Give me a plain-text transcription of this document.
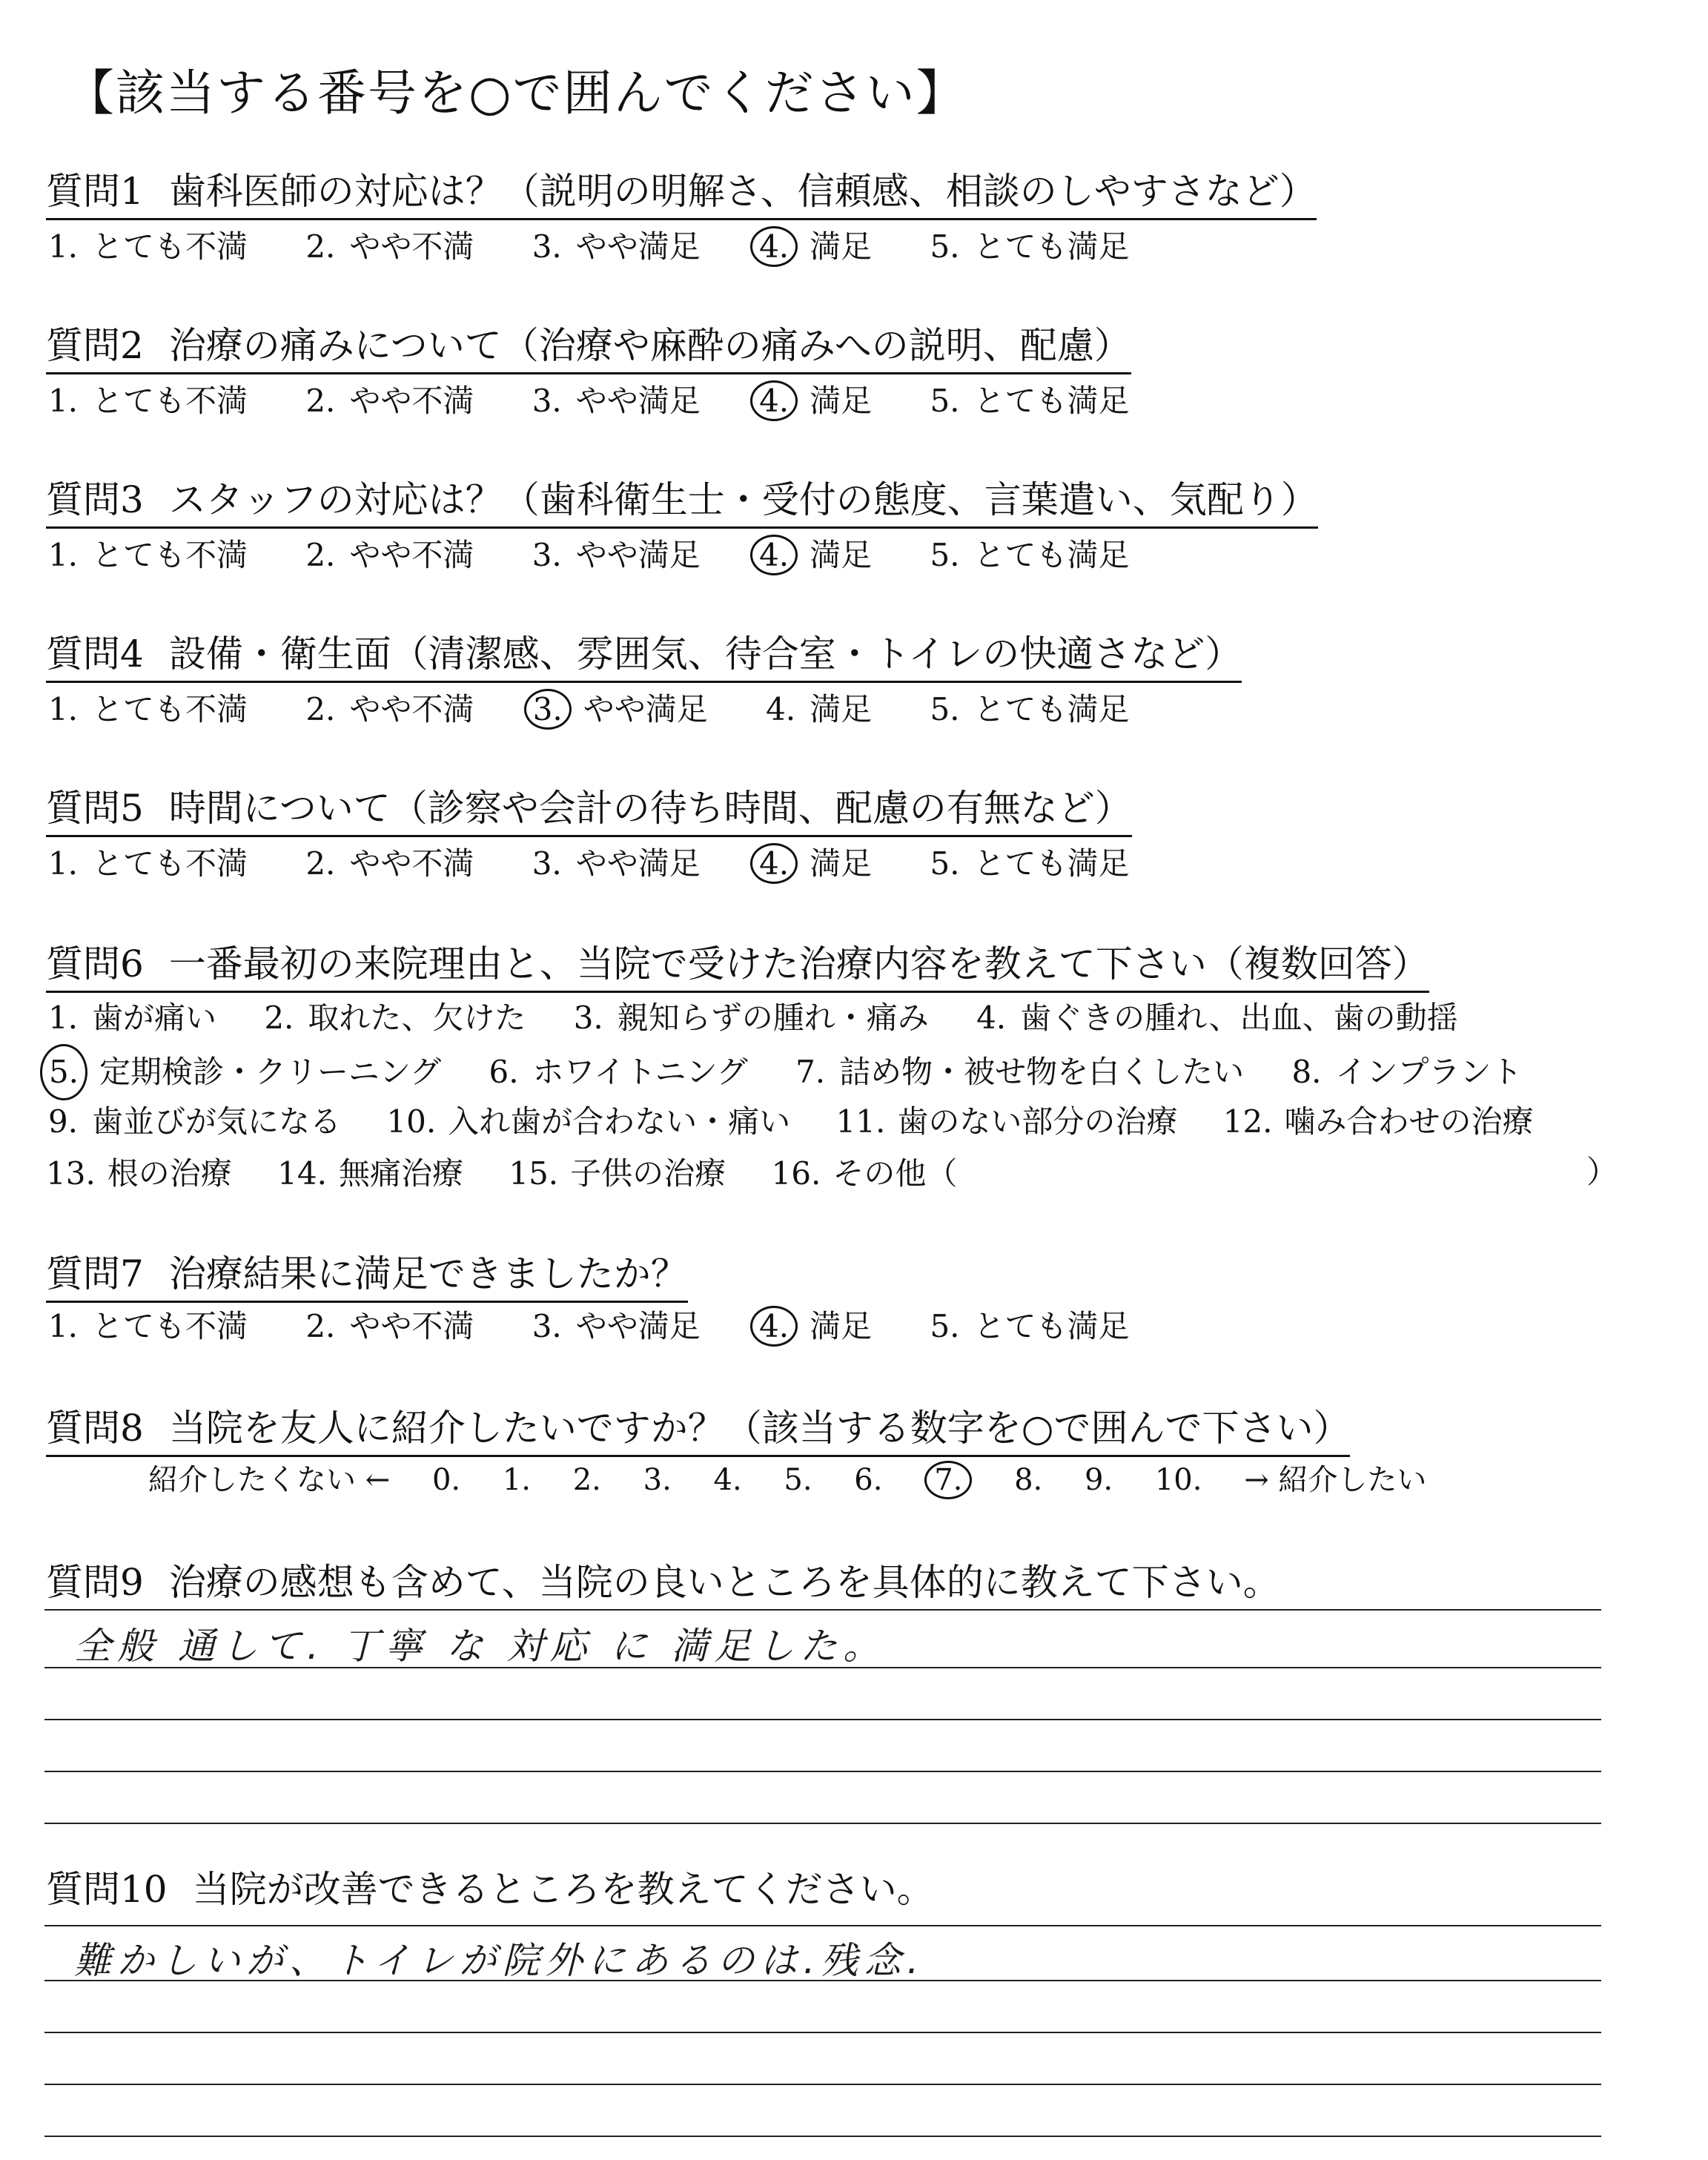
【該当する番号を○で囲んでください】
質問1 歯科医師の対応は？（説明の明解さ、信頼感、相談のしやすさなど）
1. とても不満 2. やや不満 3. やや満足 4. 満足 5. とても満足
質問2 治療の痛みについて（治療や麻酔の痛みへの説明、配慮）
1. とても不満 2. やや不満 3. やや満足 4. 満足 5. とても満足
質問3 スタッフの対応は？（歯科衛生士・受付の態度、言葉遣い、気配り）
1. とても不満 2. やや不満 3. やや満足 4. 満足 5. とても満足
質問4 設備・衛生面（清潔感、雰囲気、待合室・トイレの快適さなど）
1. とても不満 2. やや不満 3. やや満足 4. 満足 5. とても満足
質問5 時間について（診察や会計の待ち時間、配慮の有無など）
1. とても不満 2. やや不満 3. やや満足 4. 満足 5. とても満足
質問6 一番最初の来院理由と、当院で受けた治療内容を教えて下さい（複数回答）
1. 歯が痛い 2. 取れた、欠けた 3. 親知らずの腫れ・痛み 4. 歯ぐきの腫れ、出血、歯の動揺
5. 定期検診・クリーニング 6. ホワイトニング 7. 詰め物・被せ物を白くしたい 8. インプラント
9. 歯並びが気になる 10. 入れ歯が合わない・痛い 11. 歯のない部分の治療 12. 噛み合わせの治療
13. 根の治療 14. 無痛治療 15. 子供の治療 16. その他（	）
質問7 治療結果に満足できましたか？
1. とても不満 2. やや不満 3. やや満足 4. 満足 5. とても満足
質問8 当院を友人に紹介したいですか？（該当する数字を○で囲んで下さい）
紹介したくない ← 0. 1. 2. 3. 4. 5. 6. 7. 8. 9. 10. → 紹介したい
質問9 治療の感想も含めて、当院の良いところを具体的に教えて下さい。
全般 通して. 丁寧 な 対応 に 満足した。
質問10 当院が改善できるところを教えてください。
難かしいが、トイレが院外にあるのは.残念.
